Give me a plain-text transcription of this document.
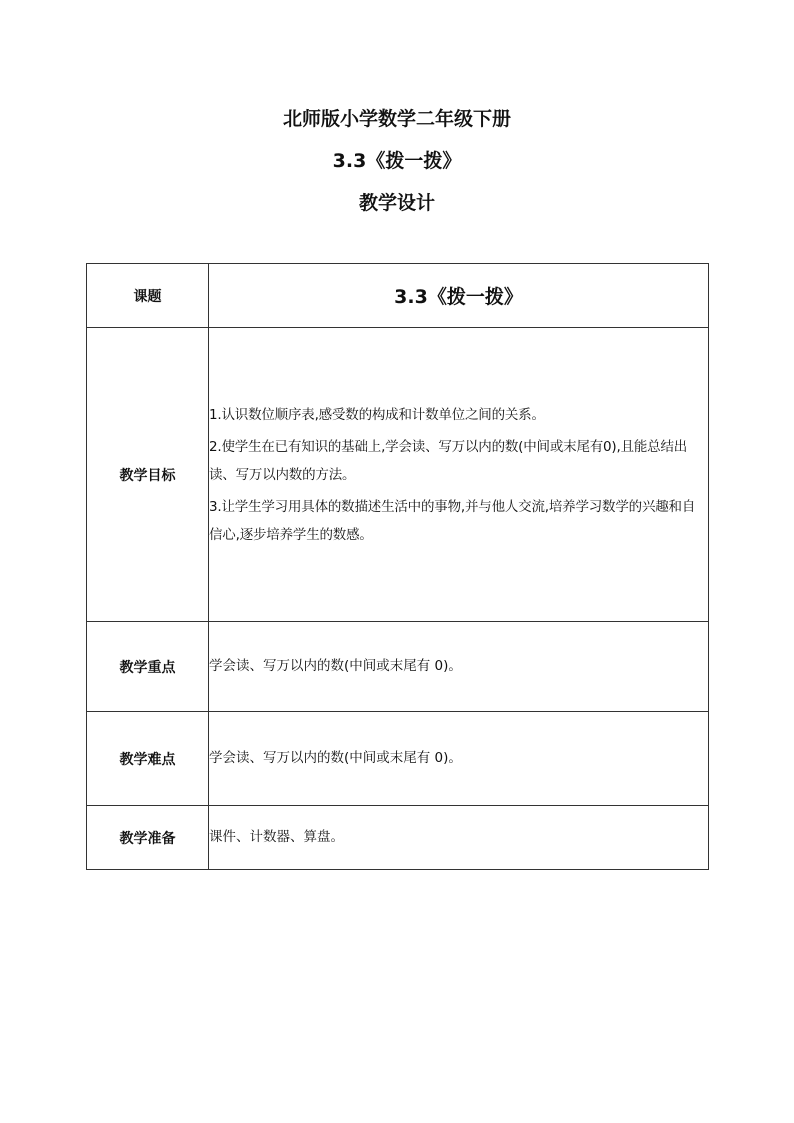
北师版小学数学二年级下册
3.3《拨一拨》
教学设计
课题	3.3《拨一拨》
教学目标	1.认识数位顺序表,感受数的构成和计数单位之间的关系。
2.使学生在已有知识的基础上,学会读、写万以内的数(中间或末尾有0),且能总结出读、写万以内数的方法。
3.让学生学习用具体的数描述生活中的事物,并与他人交流,培养学习数学的兴趣和自信心,逐步培养学生的数感。

教学重点	学会读、写万以内的数(中间或末尾有 0)。
教学难点	学会读、写万以内的数(中间或末尾有 0)。
教学准备	课件、计数器、算盘。
